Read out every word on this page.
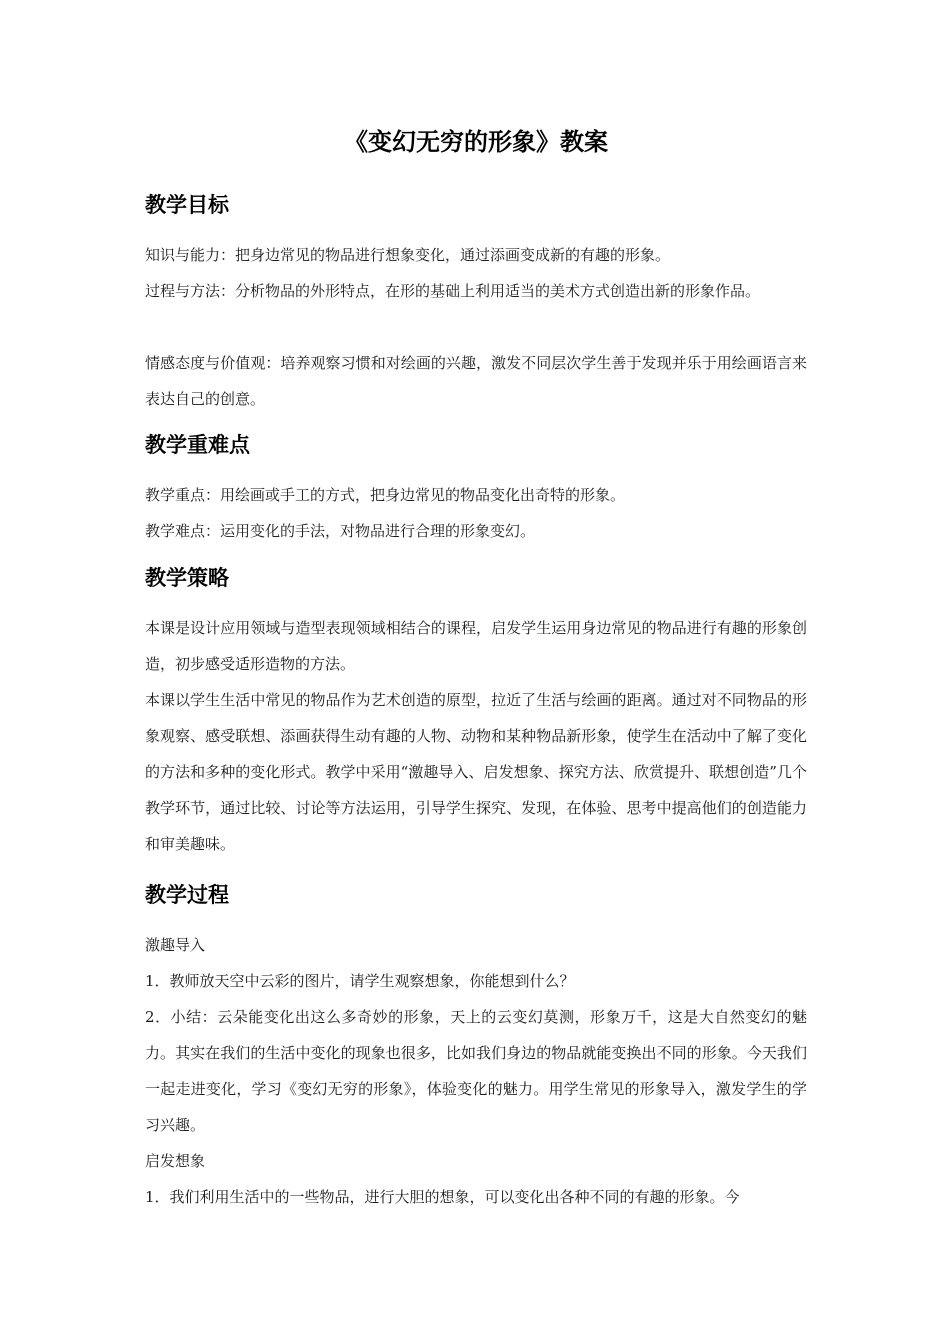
《变幻无穷的形象》教案
教学目标

知识与能力：把身边常见的物品进行想象变化，通过添画变成新的有趣的形象。

过程与方法：分析物品的外形特点，在形的基础上利用适当的美术方式创造出新的形象作品。

情感态度与价值观：培养观察习惯和对绘画的兴趣，激发不同层次学生善于发现并乐于用绘画语言来表达自己的创意。

教学重难点

教学重点：用绘画或手工的方式，把身边常见的物品变化出奇特的形象。

教学难点：运用变化的手法，对物品进行合理的形象变幻。

教学策略

本课是设计应用领域与造型表现领域相结合的课程，启发学生运用身边常见的物品进行有趣的形象创造，初步感受适形造物的方法。

本课以学生生活中常见的物品作为艺术创造的原型，拉近了生活与绘画的距离。通过对不同物品的形象观察、感受联想、添画获得生动有趣的人物、动物和某种物品新形象，使学生在活动中了解了变化的方法和多种的变化形式。教学中采用“激趣导入、启发想象、探究方法、欣赏提升、联想创造”几个教学环节，通过比较、讨论等方法运用，引导学生探究、发现，在体验、思考中提高他们的创造能力和审美趣味。

教学过程

激趣导入

1．教师放天空中云彩的图片，请学生观察想象，你能想到什么？

2．小结：云朵能变化出这么多奇妙的形象，天上的云变幻莫测，形象万千，这是大自然变幻的魅力。其实在我们的生活中变化的现象也很多，比如我们身边的物品就能变换出不同的形象。今天我们一起走进变化，学习《变幻无穷的形象》，体验变化的魅力。用学生常见的形象导入，激发学生的学习兴趣。

启发想象

1．我们利用生活中的一些物品，进行大胆的想象，可以变化出各种不同的有趣的形象。今
